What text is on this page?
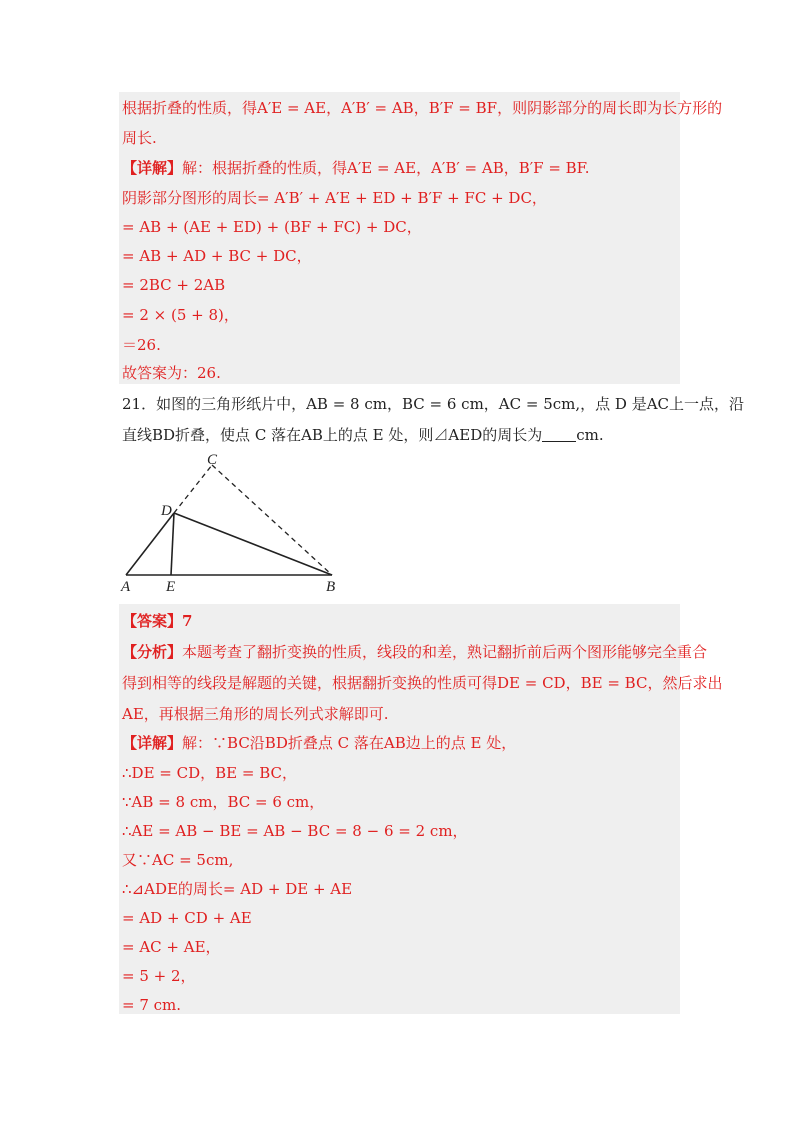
根据折叠的性质，得A′E = AE，A′B′ = AB，B′F = BF，则阴影部分的周长即为长方形的
周长.
【详解】解：根据折叠的性质，得A′E = AE，A′B′ = AB，B′F = BF.
阴影部分图形的周长= A′B′ + A′E + ED + B′F + FC + DC，
= AB + (AE + ED) + (BF + FC) + DC，
= AB + AD + BC + DC，
= 2BC + 2AB
= 2 × (5 + 8)，
＝26.
故答案为：26.
21．如图的三角形纸片中，AB = 8 cm，BC = 6 cm，AC = 5cm,，点 D 是AC上一点，沿
直线BD折叠，使点 C 落在AB上的点 E 处，则⊿AED的周长为 cm.
A E	B
D
C
【答案】7
【分析】本题考查了翻折变换的性质，线段的和差，熟记翻折前后两个图形能够完全重合
得到相等的线段是解题的关键，根据翻折变换的性质可得DE = CD，BE = BC，然后求出
AE，再根据三角形的周长列式求解即可.
【详解】解：∵BC沿BD折叠点 C 落在AB边上的点 E 处，
∴DE = CD，BE = BC，
∵AB = 8 cm，BC = 6 cm，
∴AE = AB − BE = AB − BC = 8 − 6 = 2 cm，
又∵AC = 5cm,
∴⊿ADE的周长= AD + DE + AE
= AD + CD + AE
= AC + AE，
= 5 + 2，
= 7 cm.
